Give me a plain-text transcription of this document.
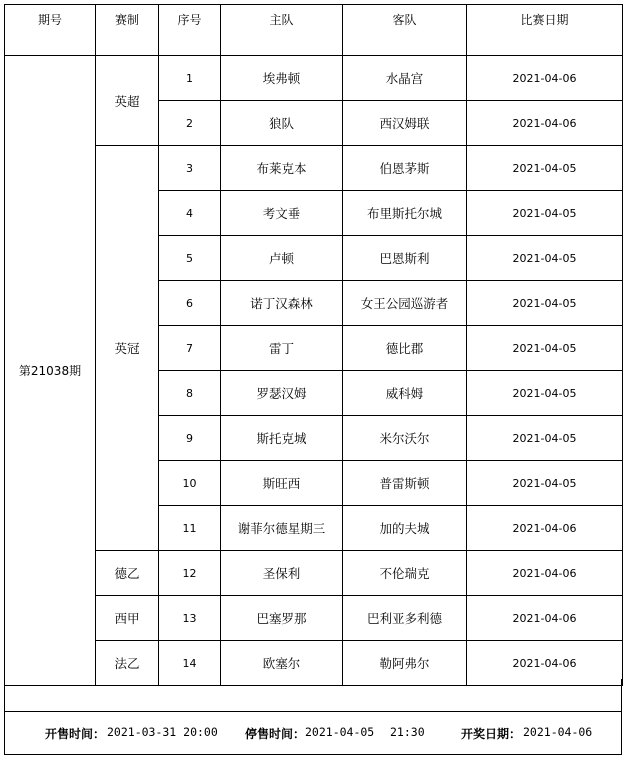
期号	赛制	序号	主队	客队	比赛日期
第21038期	英超	1	埃弗顿	水晶宫	2021-04-06
		2	狼队	西汉姆联	2021-04-06
	英冠	3	布莱克本	伯恩茅斯	2021-04-05
		4	考文垂	布里斯托尔城	2021-04-05
		5	卢顿	巴恩斯利	2021-04-05
		6	诺丁汉森林	女王公园巡游者	2021-04-05
		7	雷丁	德比郡	2021-04-05
		8	罗瑟汉姆	威科姆	2021-04-05
		9	斯托克城	米尔沃尔	2021-04-05
		10	斯旺西	普雷斯顿	2021-04-05
		11	谢菲尔德星期三	加的夫城	2021-04-06
	德乙	12	圣保利	不伦瑞克	2021-04-06
	西甲	13	巴塞罗那	巴利亚多利德	2021-04-06
	法乙	14	欧塞尔	勒阿弗尔	2021-04-06
开售时间： 2021-03-31 20:00 停售时间： 2021-04-05 21:30	开奖日期： 2021-04-06
